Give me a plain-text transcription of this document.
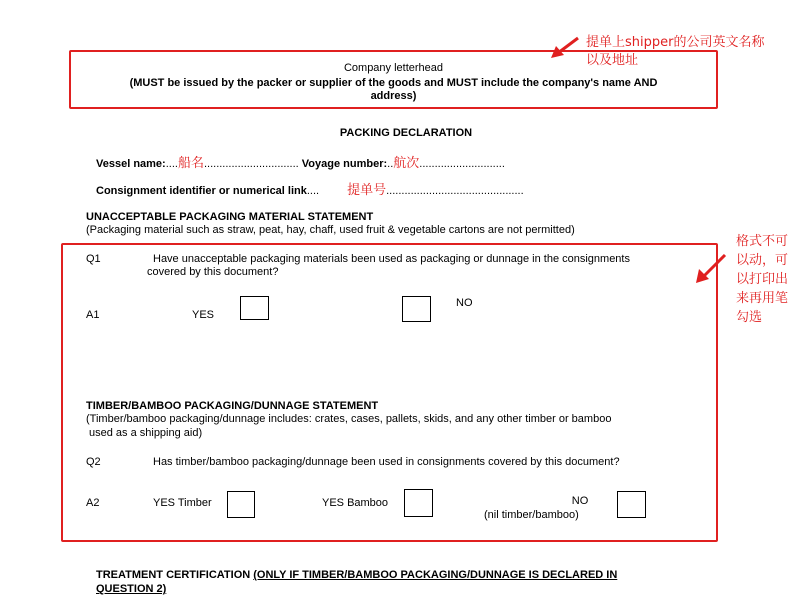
Company letterhead
(MUST be issued by the packer or supplier of the goods and MUST include the company's name AND
address)
提单上shipper的公司英文名称
以及地址
PACKING DECLARATION
Vessel name:....船名............................... Voyage number:..航次............................
Consignment identifier or numerical link.... 提单号.............................................
UNACCEPTABLE PACKAGING MATERIAL STATEMENT
(Packaging material such as straw, peat, hay, chaff, used fruit & vegetable cartons are not permitted)
格式不可
以动，可
以打印出
来再用笔
勾选
Q1	Have unacceptable packaging materials been used as packaging or dunnage in the consignments
covered by this document?
A1	YES
NO
TIMBER/BAMBOO PACKAGING/DUNNAGE STATEMENT
(Timber/bamboo packaging/dunnage includes: crates, cases, pallets, skids, and any other timber or bamboo
used as a shipping aid)
Q2	Has timber/bamboo packaging/dunnage been used in consignments covered by this document?
A2	YES Timber	YES Bamboo	NO
(nil timber/bamboo)
TREATMENT CERTIFICATION (ONLY IF TIMBER/BAMBOO PACKAGING/DUNNAGE IS DECLARED IN
QUESTION 2)
